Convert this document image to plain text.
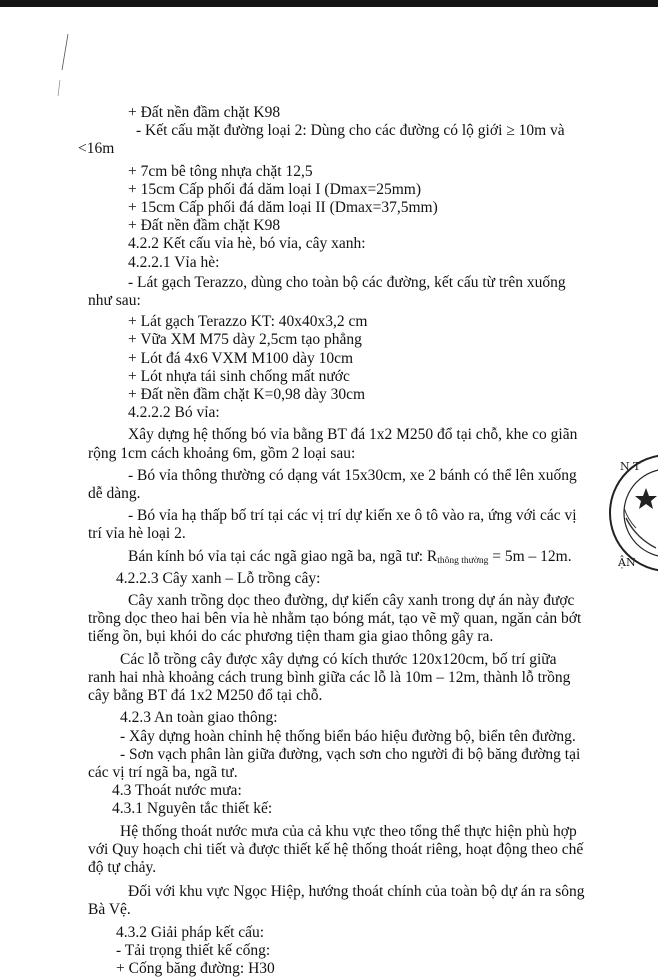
+ Đất nền đầm chặt K98
- Kết cấu mặt đường loại 2: Dùng cho các đường có lộ giới ≥ 10m và
<16m
+ 7cm bê tông nhựa chặt 12,5
+ 15cm Cấp phối đá dăm loại I (Dmax=25mm)
+ 15cm Cấp phối đá dăm loại II (Dmax=37,5mm)
+ Đất nền đầm chặt K98
4.2.2 Kết cấu vỉa hè, bó vỉa, cây xanh:
4.2.2.1 Vỉa hè:
- Lát gạch Terazzo, dùng cho toàn bộ các đường, kết cấu từ trên xuống
như sau:
+ Lát gạch Terazzo KT: 40x40x3,2 cm
+ Vữa XM M75 dày 2,5cm tạo phẳng
+ Lót đá 4x6 VXM M100 dày 10cm
+ Lót nhựa tái sinh chống mất nước
+ Đất nền đầm chặt K=0,98 dày 30cm
4.2.2.2 Bó vỉa:
Xây dựng hệ thống bó vỉa bằng BT đá 1x2 M250 đổ tại chỗ, khe co giãn
rộng 1cm cách khoảng 6m, gồm 2 loại sau:
- Bó vỉa thông thường có dạng vát 15x30cm, xe 2 bánh có thể lên xuống
dễ dàng.
- Bó vỉa hạ thấp bố trí tại các vị trí dự kiến xe ô tô vào ra, ứng với các vị
trí vỉa hè loại 2.
Bán kính bó vỉa tại các ngã giao ngã ba, ngã tư: $R_{thông thường} = 5m - 12m$.
4.2.2.3 Cây xanh – Lỗ trồng cây:
Cây xanh trồng dọc theo đường, dự kiến cây xanh trong dự án này được
trồng dọc theo hai bên vỉa hè nhằm tạo bóng mát, tạo vẽ mỹ quan, ngăn cản bớt
tiếng ồn, bụi khói do các phương tiện tham gia giao thông gây ra.
Các lỗ trồng cây được xây dựng có kích thước 120x120cm, bố trí giữa
ranh hai nhà khoảng cách trung bình giữa các lỗ là 10m – 12m, thành lỗ trồng
cây bằng BT đá 1x2 M250 đổ tại chỗ.
4.2.3 An toàn giao thông:
- Xây dựng hoàn chỉnh hệ thống biển báo hiệu đường bộ, biển tên đường.
- Sơn vạch phân làn giữa đường, vạch sơn cho người đi bộ băng đường tại
các vị trí ngã ba, ngã tư.
4.3 Thoát nước mưa:
4.3.1 Nguyên tắc thiết kế:
Hệ thống thoát nước mưa của cả khu vực theo tổng thể thực hiện phù hợp
với Quy hoạch chi tiết và được thiết kế hệ thống thoát riêng, hoạt động theo chế
độ tự chảy.
Đối với khu vực Ngọc Hiệp, hướng thoát chính của toàn bộ dự án ra sông
Bà Vệ.
4.3.2 Giải pháp kết cấu:
- Tải trọng thiết kế cống:
+ Cống băng đường: H30
N T
ẬN
